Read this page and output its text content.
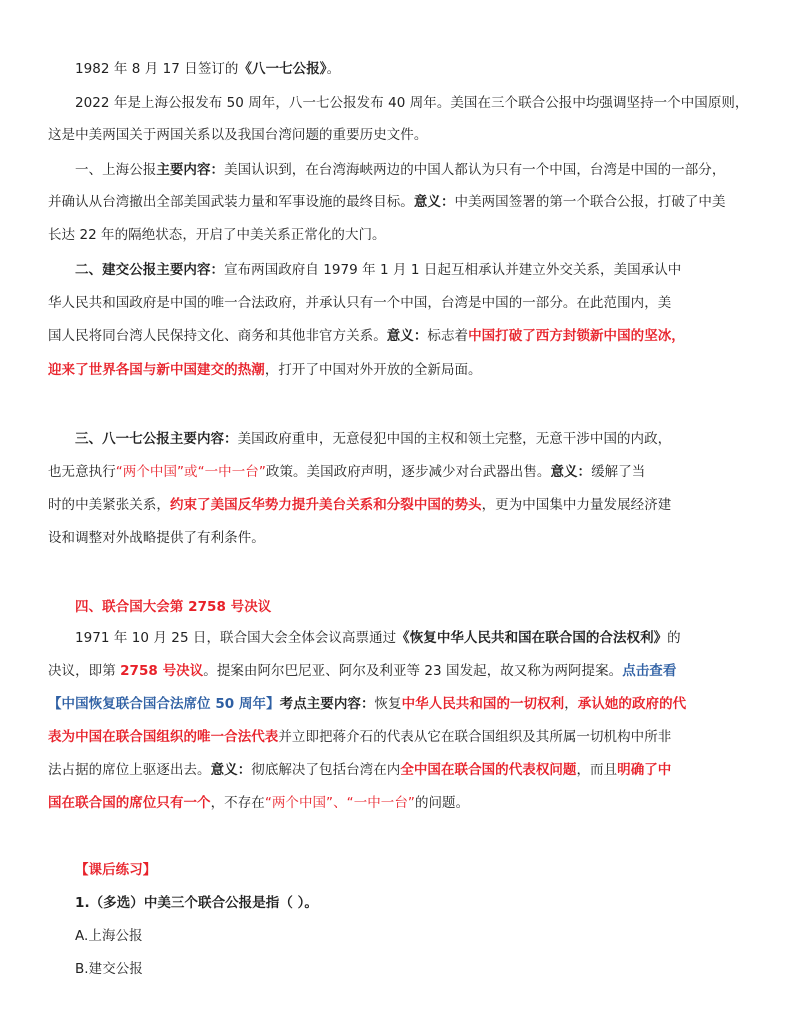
1982 年 8 月 17 日签订的《八一七公报》。
2022 年是上海公报发布 50 周年，八一七公报发布 40 周年。美国在三个联合公报中均强调坚持一个中国原则，
这是中美两国关于两国关系以及我国台湾问题的重要历史文件。
一、上海公报主要内容：美国认识到，在台湾海峡两边的中国人都认为只有一个中国，台湾是中国的一部分，
并确认从台湾撤出全部美国武装力量和军事设施的最终目标。意义：中美两国签署的第一个联合公报，打破了中美
长达 22 年的隔绝状态，开启了中美关系正常化的大门。
二、建交公报主要内容：宣布两国政府自 1979 年 1 月 1 日起互相承认并建立外交关系，美国承认中
华人民共和国政府是中国的唯一合法政府，并承认只有一个中国，台湾是中国的一部分。在此范围内，美
国人民将同台湾人民保持文化、商务和其他非官方关系。意义：标志着中国打破了西方封锁新中国的坚冰，
迎来了世界各国与新中国建交的热潮，打开了中国对外开放的全新局面。
三、八一七公报主要内容：美国政府重申，无意侵犯中国的主权和领土完整，无意干涉中国的内政，
也无意执行“两个中国”或“一中一台”政策。美国政府声明，逐步减少对台武器出售。意义：缓解了当
时的中美紧张关系，约束了美国反华势力提升美台关系和分裂中国的势头，更为中国集中力量发展经济建
设和调整对外战略提供了有利条件。
四、联合国大会第 2758 号决议
1971 年 10 月 25 日，联合国大会全体会议高票通过《恢复中华人民共和国在联合国的合法权利》的
决议，即第 2758 号决议。提案由阿尔巴尼亚、阿尔及利亚等 23 国发起，故又称为两阿提案。点击查看
【中国恢复联合国合法席位 50 周年】考点主要内容：恢复中华人民共和国的一切权利，承认她的政府的代
表为中国在联合国组织的唯一合法代表并立即把蒋介石的代表从它在联合国组织及其所属一切机构中所非
法占据的席位上驱逐出去。意义：彻底解决了包括台湾在内全中国在联合国的代表权问题，而且明确了中
国在联合国的席位只有一个，不存在“两个中国”、“一中一台”的问题。
【课后练习】
1.（多选）中美三个联合公报是指（ ）。
A.上海公报
B.建交公报
